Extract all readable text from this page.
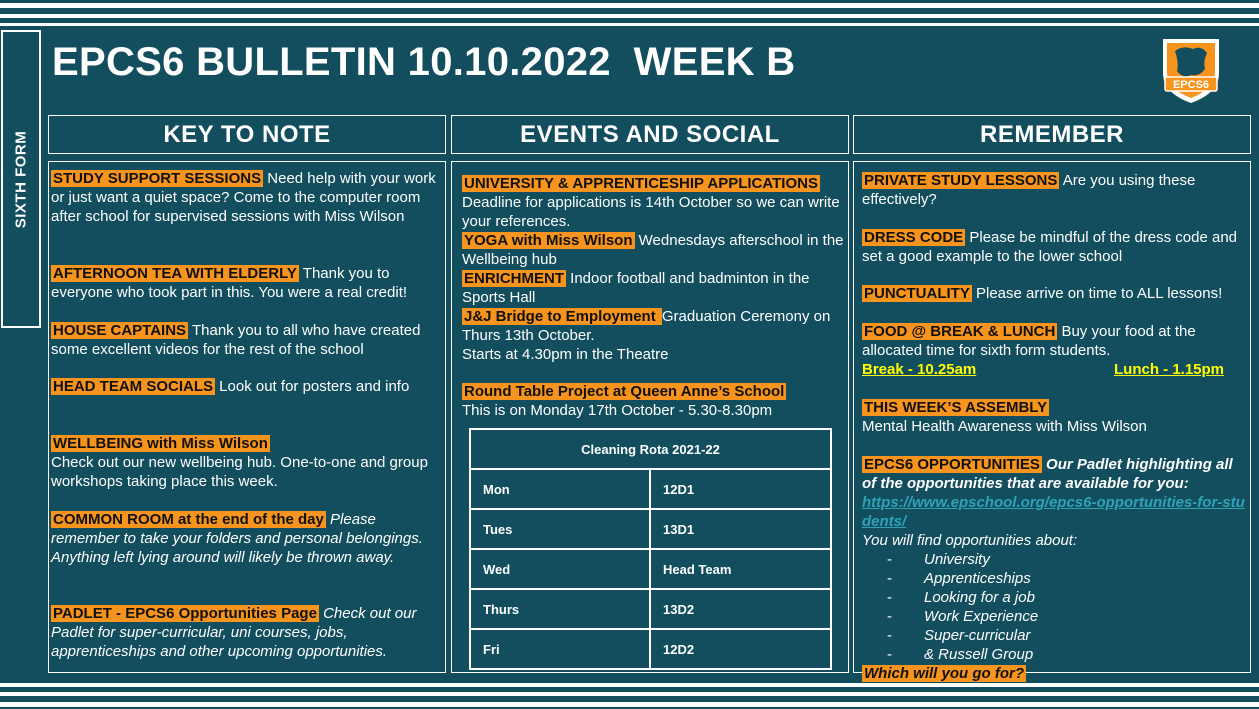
SIXTH FORM
EPCS6 BULLETIN 10.10.2022  WEEK B
EPCS6
KEY TO NOTE	EVENTS AND SOCIAL	REMEMBER
STUDY SUPPORT SESSIONS Need help with your work or just want a quiet space? Come to the computer room after school for supervised sessions with Miss Wilson
AFTERNOON TEA WITH ELDERLY Thank you to everyone who took part in this. You were a real credit!
HOUSE CAPTAINS Thank you to all who have created some excellent videos for the rest of the school
HEAD TEAM SOCIALS Look out for posters and info
WELLBEING with Miss Wilson
Check out our new wellbeing hub. One-to-one and group workshops taking place this week.
COMMON ROOM at the end of the day Please remember to take your folders and personal belongings. Anything left lying around will likely be thrown away.
PADLET - EPCS6 Opportunities Page Check out our Padlet for super-curricular, uni courses, jobs, apprenticeships and other upcoming opportunities.
UNIVERSITY & APPRENTICESHIP APPLICATIONS
Deadline for applications is 14th October so we can write your references.
YOGA with Miss Wilson Wednesdays afterschool in the Wellbeing hub
ENRICHMENT Indoor football and badminton in the Sports Hall
J&J Bridge to Employment Graduation Ceremony on Thurs 13th October.
Starts at 4.30pm in the Theatre
Round Table Project at Queen Anne’s School
This is on Monday 17th October - 5.30-8.30pm
Cleaning Rota 2021-22	
Mon	12D1
Tues	13D1
Wed	Head Team
Thurs	13D2
Fri	12D2
PRIVATE STUDY LESSONS Are you using these effectively?
DRESS CODE Please be mindful of the dress code and set a good example to the lower school
PUNCTUALITY Please arrive on time to ALL lessons!
FOOD @ BREAK & LUNCH Buy your food at the allocated time for sixth form students.
Break - 10.25am	Lunch - 1.15pm
THIS WEEK’S ASSEMBLY
Mental Health Awareness with Miss Wilson
EPCS6 OPPORTUNITIES Our Padlet highlighting all of the opportunities that are available for you:
https://www.epschool.org/epcs6-opportunities-for-students/
You will find opportunities about:
- University
- Apprenticeships
- Looking for a job
- Work Experience
- Super-curricular
- & Russell Group
Which will you go for?
